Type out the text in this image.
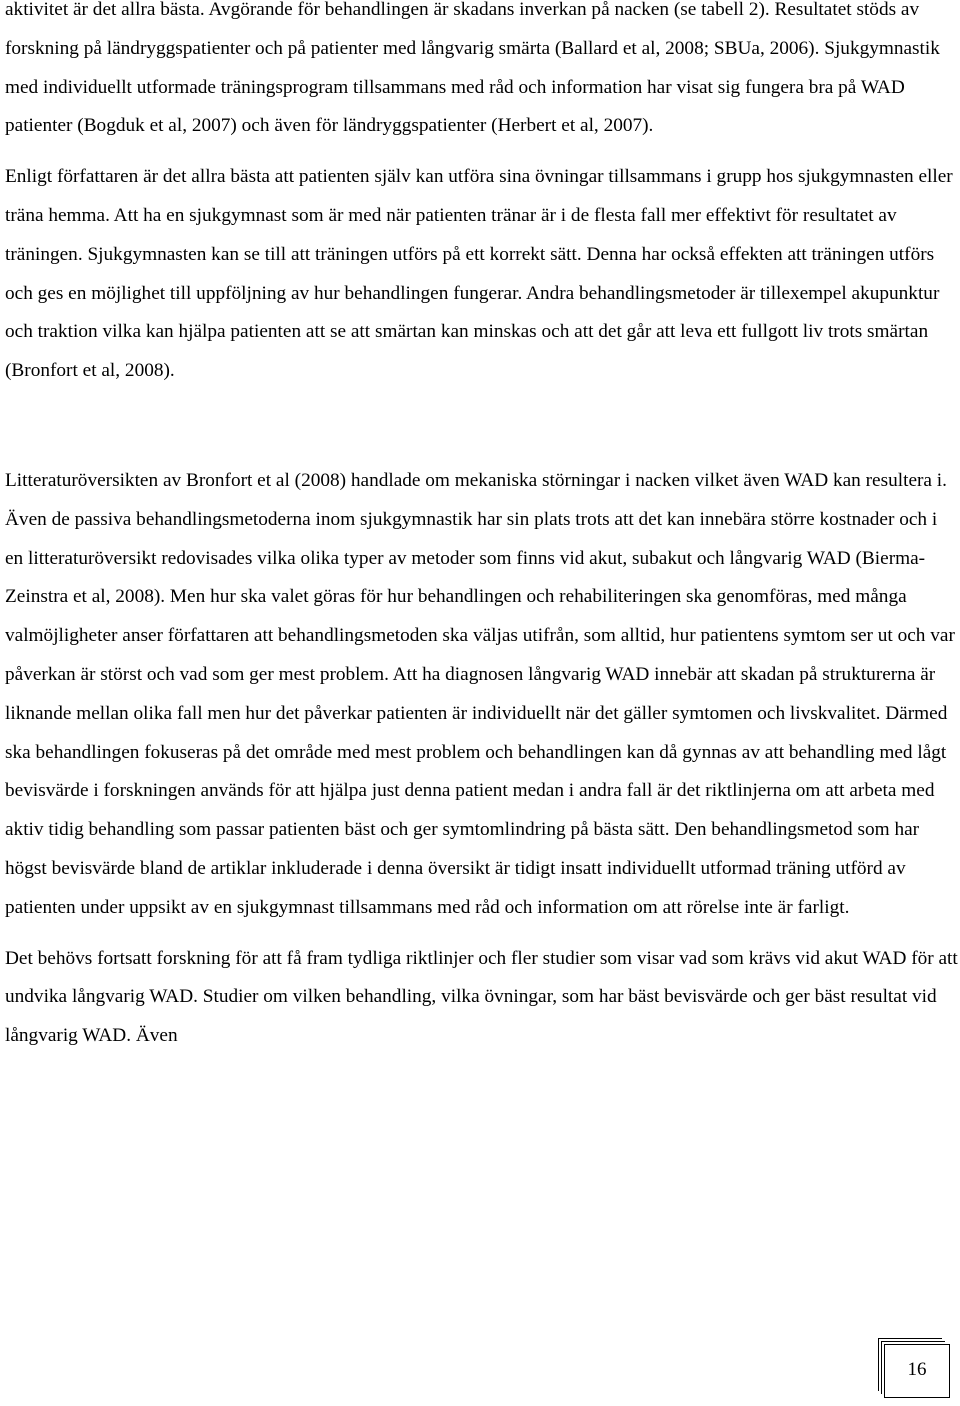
aktivitet är det allra bästa. Avgörande för behandlingen är skadans inverkan på nacken (se tabell 2). Resultatet stöds av forskning på ländryggspatienter och på patienter med långvarig smärta (Ballard et al, 2008; SBUa, 2006). Sjukgymnastik med individuellt utformade träningsprogram tillsammans med råd och information har visat sig fungera bra på WAD patienter (Bogduk et al, 2007) och även för ländryggspatienter (Herbert et al, 2007).

Enligt författaren är det allra bästa att patienten själv kan utföra sina övningar tillsammans i grupp hos sjukgymnasten eller träna hemma. Att ha en sjukgymnast som är med när patienten tränar är i de flesta fall mer effektivt för resultatet av träningen. Sjukgymnasten kan se till att träningen utförs på ett korrekt sätt. Denna har också effekten att träningen utförs och ges en möjlighet till uppföljning av hur behandlingen fungerar. Andra behandlingsmetoder är tillexempel akupunktur och traktion vilka kan hjälpa patienten att se att smärtan kan minskas och att det går att leva ett fullgott liv trots smärtan (Bronfort et al, 2008).

Litteraturöversikten av Bronfort et al (2008) handlade om mekaniska störningar i nacken vilket även WAD kan resultera i. Även de passiva behandlingsmetoderna inom sjukgymnastik har sin plats trots att det kan innebära större kostnader och i en litteraturöversikt redovisades vilka olika typer av metoder som finns vid akut, subakut och långvarig WAD (Bierma-Zeinstra et al, 2008). Men hur ska valet göras för hur behandlingen och rehabiliteringen ska genomföras, med många valmöjligheter anser författaren att behandlingsmetoden ska väljas utifrån, som alltid, hur patientens symtom ser ut och var påverkan är störst och vad som ger mest problem. Att ha diagnosen långvarig WAD innebär att skadan på strukturerna är liknande mellan olika fall men hur det påverkar patienten är individuellt när det gäller symtomen och livskvalitet. Därmed ska behandlingen fokuseras på det område med mest problem och behandlingen kan då gynnas av att behandling med lågt bevisvärde i forskningen används för att hjälpa just denna patient medan i andra fall är det riktlinjerna om att arbeta med aktiv tidig behandling som passar patienten bäst och ger symtomlindring på bästa sätt. Den behandlingsmetod som har högst bevisvärde bland de artiklar inkluderade i denna översikt är tidigt insatt individuellt utformad träning utförd av patienten under uppsikt av en sjukgymnast tillsammans med råd och information om att rörelse inte är farligt.

Det behövs fortsatt forskning för att få fram tydliga riktlinjer och fler studier som visar vad som krävs vid akut WAD för att undvika långvarig WAD. Studier om vilken behandling, vilka övningar, som har bäst bevisvärde och ger bäst resultat vid långvarig WAD. Även

16
